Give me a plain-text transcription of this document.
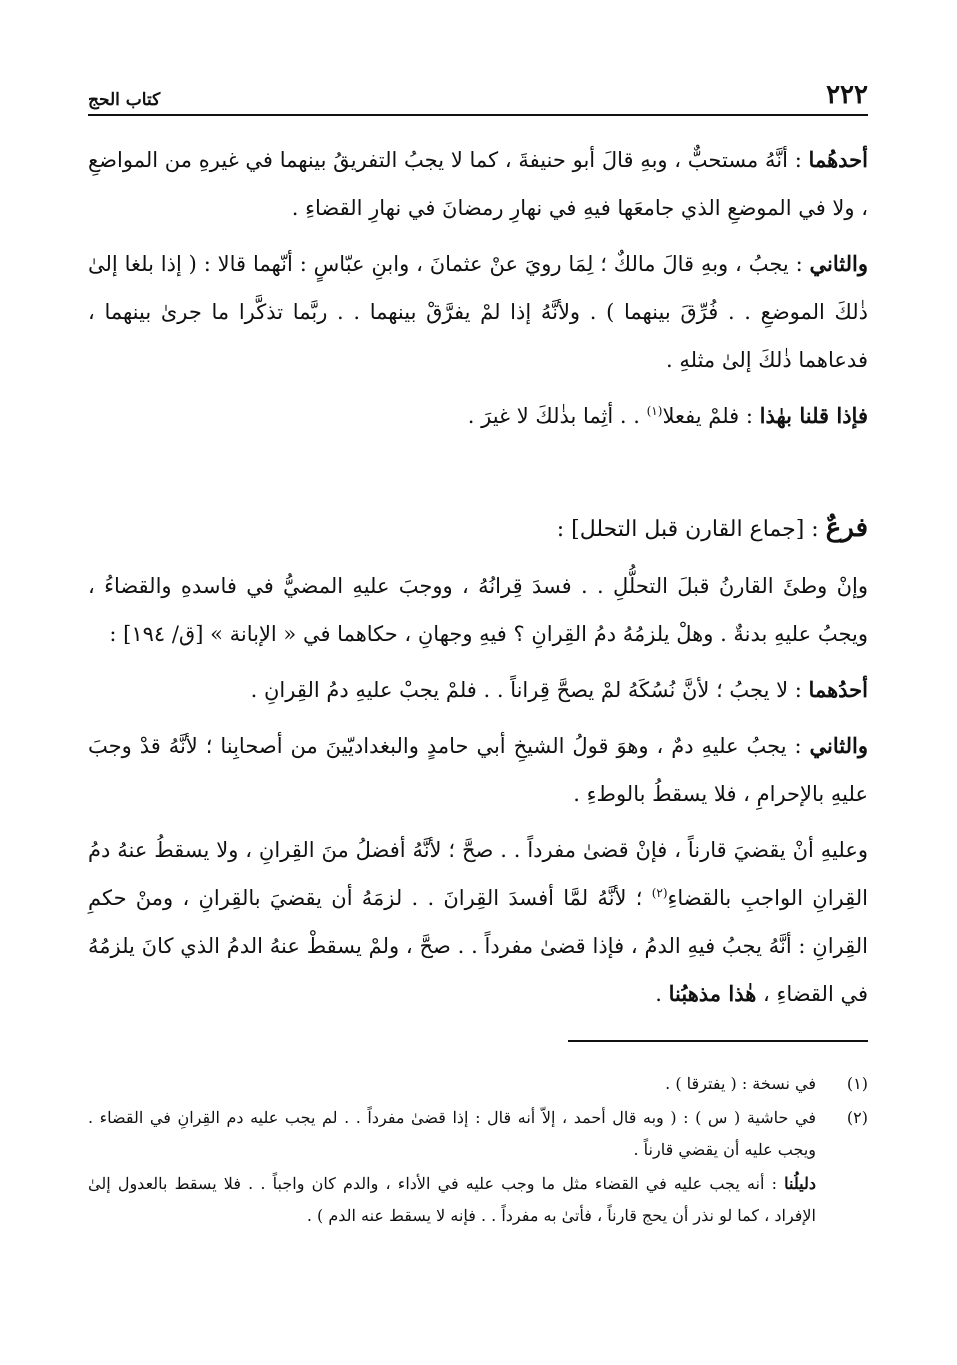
٢٢٢
كتاب الحج

أحدهُما : أنَّهُ مستحبٌّ ، وبهِ قالَ أبو حنيفةَ ، كما لا يجبُ التفريقُ بينهما في غيرهِ من المواضعِ ، ولا في الموضعِ الذي جامعَها فيهِ في نهارِ رمضانَ في نهارِ القضاءِ .

والثاني : يجبُ ، وبهِ قالَ مالكٌ ؛ لِمَا رويَ عنْ عثمانَ ، وابنِ عبّاسٍ : أنّهما قالا : ( إذا بلغا إلىٰ ذٰلكَ الموضعِ . . فُرِّقَ بينهما ) . ولأنَّهُ إذا لمْ يفرَّقْ بينهما . . ربَّما تذكَّرا ما جرىٰ بينهما ، فدعاهما ذٰلكَ إلىٰ مثلهِ .

فإذا قلنا بهٰذا : فلمْ يفعلا$^{(١)}$ . . أثِما بذٰلكَ لا غيرَ .

فرعٌ : [جماع القارن قبل التحلل] :

وإنْ وطئَ القارنُ قبلَ التحلُّلِ . . فسدَ قِرانُهُ ، ووجبَ عليهِ المضيُّ في فاسدهِ والقضاءُ ، ويجبُ عليهِ بدنةٌ . وهلْ يلزمُهُ دمُ القِرانِ ؟ فيهِ وجهانِ ، حكاهما في « الإبانة » [ق/ ١٩٤] :

أحدُهما : لا يجبُ ؛ لأنَّ نُسُكَهُ لمْ يصحَّ قِراناً . . فلمْ يجبْ عليهِ دمُ القِرانِ .

والثاني : يجبُ عليهِ دمٌ ، وهوَ قولُ الشيخِ أبي حامدٍ والبغداديّينَ من أصحابِنا ؛ لأنَّهُ قدْ وجبَ عليهِ بالإحرامِ ، فلا يسقطُ بالوطءِ .

وعليهِ أنْ يقضيَ قارناً ، فإنْ قضىٰ مفرداً . . صحَّ ؛ لأنَّهُ أفضلُ منَ القِرانِ ، ولا يسقطُ عنهُ دمُ القِرانِ الواجبِ بالقضاءِ$^{(٢)}$ ؛ لأنَّهُ لمَّا أفسدَ القِرانَ . . لزمَهُ أن يقضيَ بالقِرانِ ، ومنْ حكمِ القِرانِ : أنَّهُ يجبُ فيهِ الدمُ ، فإذا قضىٰ مفرداً . . صحَّ ، ولمْ يسقطْ عنهُ الدمُ الذي كانَ يلزمُهُ في القضاءِ ، هٰذا مذهبُنا .

(١)
في نسخة : ( يفترقا ) .
(٢)
في حاشية ( س ) : ( وبه قال أحمد ، إلاّ أنه قال : إذا قضىٰ مفرداً . . لم يجب عليه دم القِرانِ في القضاء . ويجب عليه أن يقضي قارناً .
دليلُنا : أنه يجب عليه في القضاء مثل ما وجب عليه في الأداء ، والدم كان واجباً . . فلا يسقط بالعدول إلىٰ الإفراد ، كما لو نذر أن يحج قارناً ، فأتىٰ به مفرداً . . فإنه لا يسقط عنه الدم ) .
